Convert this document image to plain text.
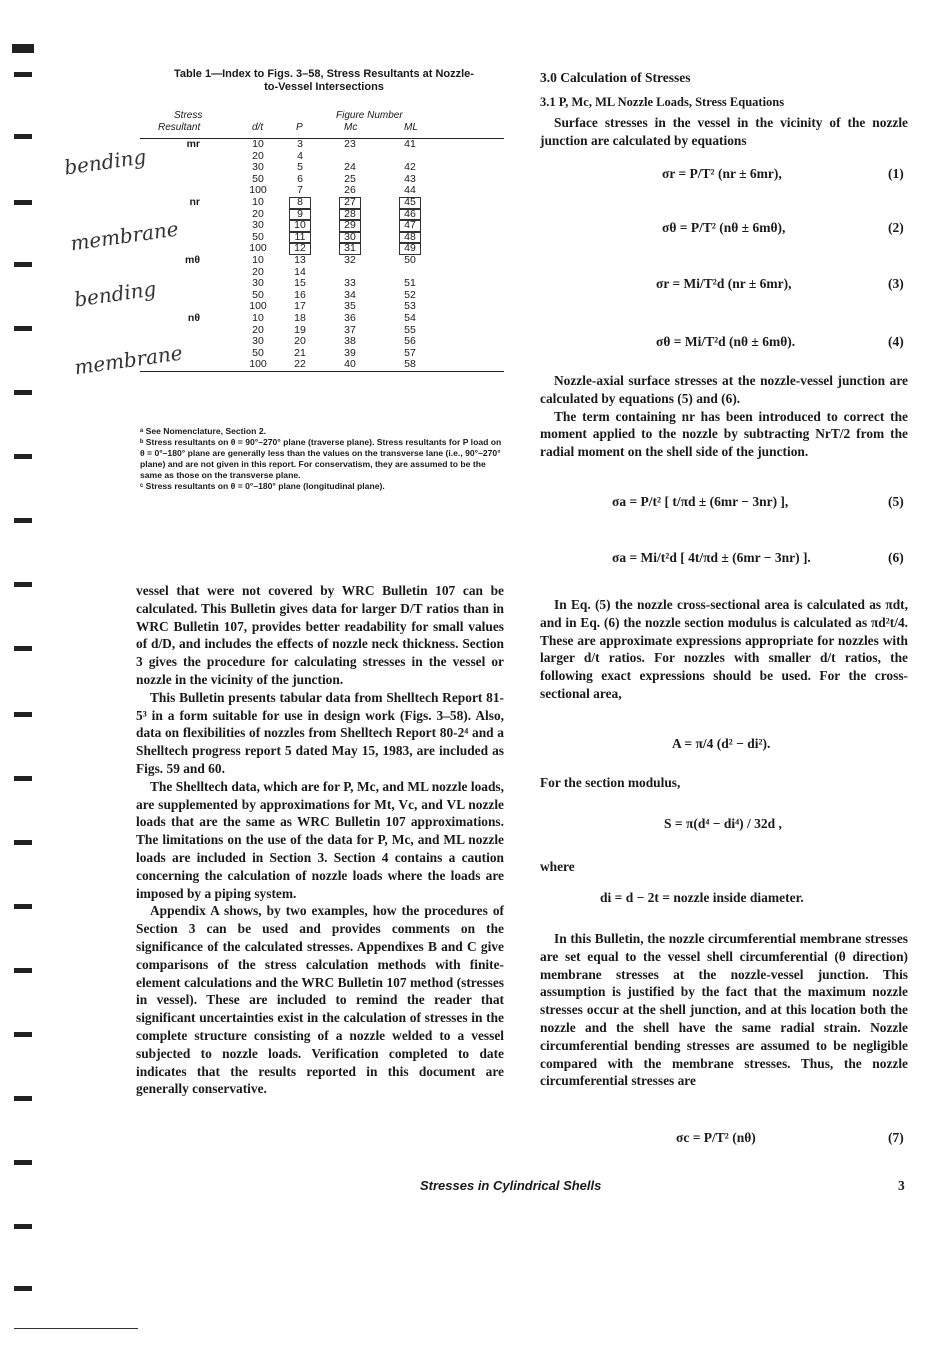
Table 1—Index to Figs. 3–58, Stress Resultants at Nozzle-
to-Vessel Intersections
bending
membrane
bending
membrane
Stress
Resultant
Figure Number
d/t	P	Mc	ML
mr	10	3	23	41
20	4
30	5	24	42
50	6	25	43
100	7	26	44
nr	10	8	27	45
20	9	28	46
30	10	29	47
50	11	30	48
100	12	31	49
mθ	10	13	32	50
20	14
30	15	33	51
50	16	34	52
100	17	35	53
nθ	10	18	36	54
20	19	37	55
30	20	38	56
50	21	39	57
100	22	40	58

ᵃ See Nomenclature, Section 2.

ᵇ Stress resultants on θ = 90°–270° plane (traverse plane). Stress resultants for P load on θ = 0°–180° plane are generally less than the values on the transverse lane (i.e., 90°–270° plane) and are not given in this report. For conservatism, they are assumed to be the same as those on the transverse plane.

ᶜ Stress resultants on θ = 0°–180° plane (longitudinal plane).

vessel that were not covered by WRC Bulletin 107 can be calculated. This Bulletin gives data for larger D/T ratios than in WRC Bulletin 107, provides better readability for small values of d/D, and includes the effects of nozzle neck thickness. Section 3 gives the procedure for calculating stresses in the vessel or nozzle in the vicinity of the junction.

This Bulletin presents tabular data from Shelltech Report 81-5³ in a form suitable for use in design work (Figs. 3–58). Also, data on flexibilities of nozzles from Shelltech Report 80-2⁴ and a Shelltech progress report 5 dated May 15, 1983, are included as Figs. 59 and 60.

The Shelltech data, which are for P, Mc, and ML nozzle loads, are supplemented by approximations for Mt, Vc, and VL nozzle loads that are the same as WRC Bulletin 107 approximations. The limitations on the use of the data for P, Mc, and ML nozzle loads are included in Section 3. Section 4 contains a caution concerning the calculation of nozzle loads where the loads are imposed by a piping system.

Appendix A shows, by two examples, how the procedures of Section 3 can be used and provides comments on the significance of the calculated stresses. Appendixes B and C give comparisons of the stress calculation methods with finite-element calculations and the WRC Bulletin 107 method (stresses in vessel). These are included to remind the reader that significant uncertainties exist in the calculation of stresses in the complete structure consisting of a nozzle welded to a vessel subjected to nozzle loads. Verification completed to date indicates that the results reported in this document are generally conservative.

3.0 Calculation of Stresses
3.1 P, Mc, ML Nozzle Loads, Stress Equations

Surface stresses in the vessel in the vicinity of the nozzle junction are calculated by equations

σr = P/T² (nr ± 6mr),	(1)
σθ = P/T² (nθ ± 6mθ),	(2)
σr = Mi/T²d (nr ± 6mr),	(3)
σθ = Mi/T²d (nθ ± 6mθ).	(4)

Nozzle-axial surface stresses at the nozzle-vessel junction are calculated by equations (5) and (6).

The term containing nr has been introduced to correct the moment applied to the nozzle by subtracting NrT/2 from the radial moment on the shell side of the junction.

σa = P/t² [ t/πd ± (6mr − 3nr) ],	(5)
σa = Mi/t²d [ 4t/πd ± (6mr − 3nr) ].	(6)

In Eq. (5) the nozzle cross-sectional area is calculated as πdt, and in Eq. (6) the nozzle section modulus is calculated as πd²t/4. These are approximate expressions appropriate for nozzles with larger d/t ratios. For nozzles with smaller d/t ratios, the following exact expressions should be used. For the cross-sectional area,

A = π/4 (d² − di²).

For the section modulus,

S = π(d⁴ − di⁴) / 32d ,

where

di = d − 2t = nozzle inside diameter.

In this Bulletin, the nozzle circumferential membrane stresses are set equal to the vessel shell circumferential (θ direction) membrane stresses at the nozzle-vessel junction. This assumption is justified by the fact that the maximum nozzle stresses occur at the shell junction, and at this location both the nozzle and the shell have the same radial strain. Nozzle circumferential bending stresses are assumed to be negligible compared with the membrane stresses. Thus, the nozzle circumferential stresses are

σc = P/T² (nθ)	(7)
Stresses in Cylindrical Shells	3
